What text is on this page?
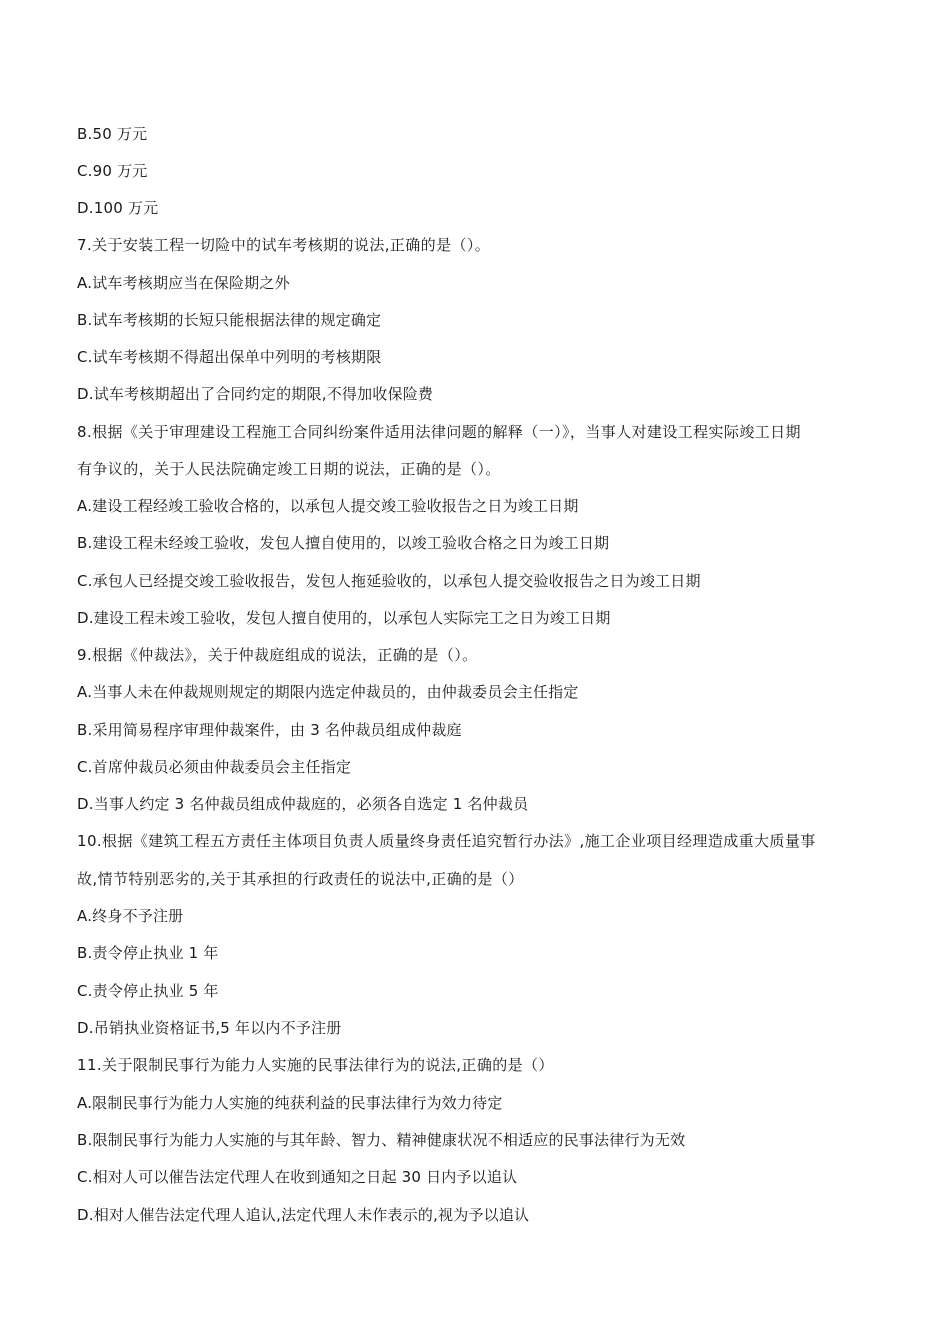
B.50 万元
C.90 万元
D.100 万元
7.关于安装工程一切险中的试车考核期的说法,正确的是（）。
A.试车考核期应当在保险期之外
B.试车考核期的长短只能根据法律的规定确定
C.试车考核期不得超出保单中列明的考核期限
D.试车考核期超出了合同约定的期限,不得加收保险费
8.根据《关于审理建设工程施工合同纠纷案件适用法律问题的解释（一）》，当事人对建设工程实际竣工日期
有争议的，关于人民法院确定竣工日期的说法，正确的是（）。
A.建设工程经竣工验收合格的，以承包人提交竣工验收报告之日为竣工日期
B.建设工程未经竣工验收，发包人擅自使用的，以竣工验收合格之日为竣工日期
C.承包人已经提交竣工验收报告，发包人拖延验收的，以承包人提交验收报告之日为竣工日期
D.建设工程未竣工验收，发包人擅自使用的，以承包人实际完工之日为竣工日期
9.根据《仲裁法》，关于仲裁庭组成的说法，正确的是（）。
A.当事人未在仲裁规则规定的期限内选定仲裁员的，由仲裁委员会主任指定
B.采用简易程序审理仲裁案件，由 3 名仲裁员组成仲裁庭
C.首席仲裁员必须由仲裁委员会主任指定
D.当事人约定 3 名仲裁员组成仲裁庭的，必须各自选定 1 名仲裁员
10.根据《建筑工程五方责任主体项目负责人质量终身责任追究暂行办法》,施工企业项目经理造成重大质量事
故,情节特别恶劣的,关于其承担的行政责任的说法中,正确的是（）
A.终身不予注册
B.责令停止执业 1 年
C.责令停止执业 5 年
D.吊销执业资格证书,5 年以内不予注册
11.关于限制民事行为能力人实施的民事法律行为的说法,正确的是（）
A.限制民事行为能力人实施的纯获利益的民事法律行为效力待定
B.限制民事行为能力人实施的与其年龄、智力、精神健康状况不相适应的民事法律行为无效
C.相对人可以催告法定代理人在收到通知之日起 30 日内予以追认
D.相对人催告法定代理人追认,法定代理人未作表示的,视为予以追认
